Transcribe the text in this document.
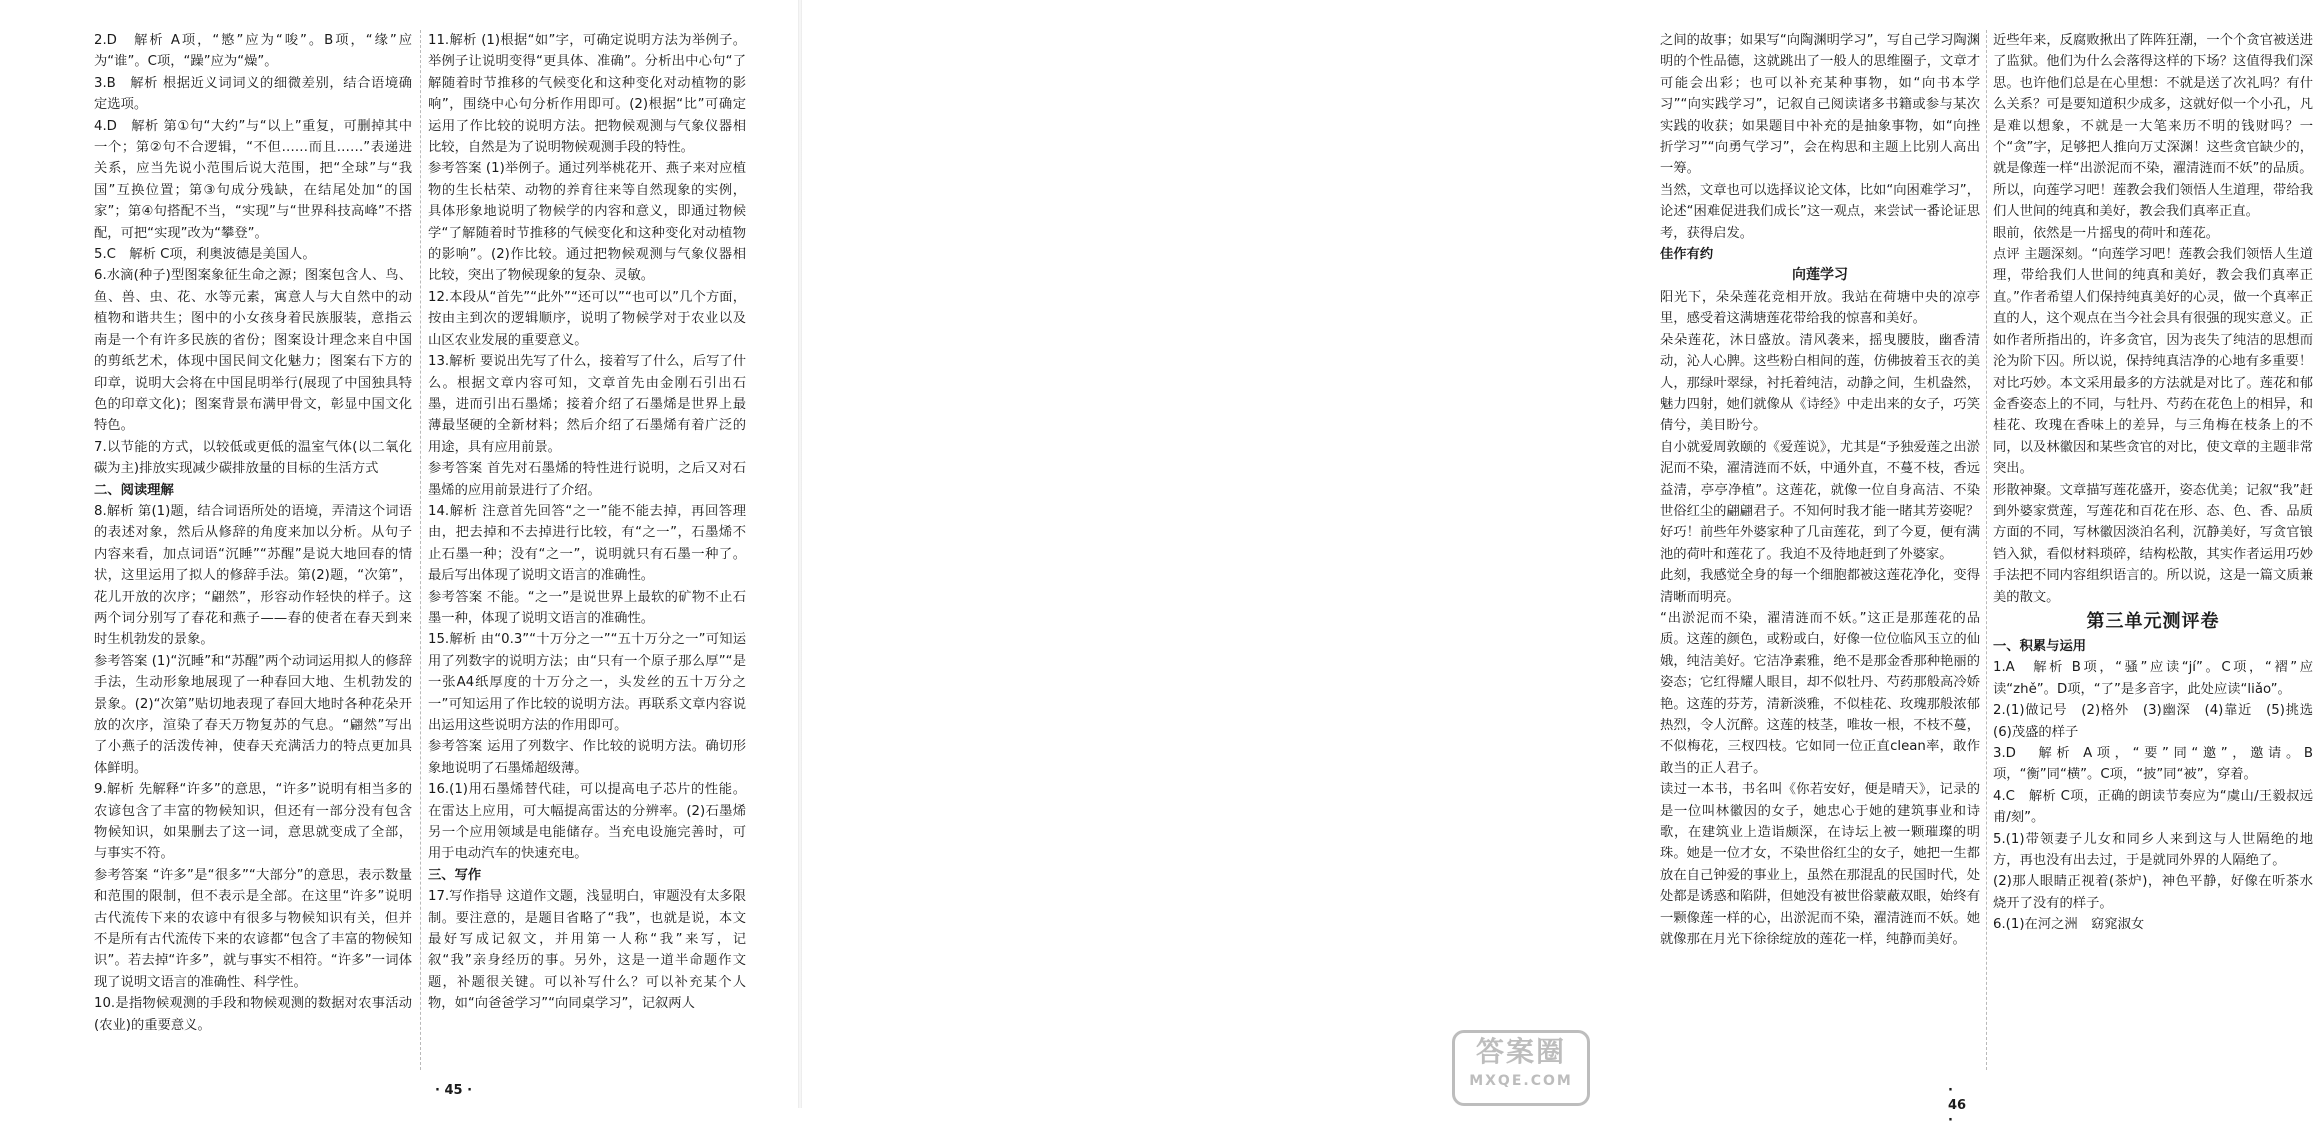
2.D　解析 A项，“慜”应为“唆”。B项，“缘”应为“谁”。C项，“躁”应为“燥”。

3.B　解析 根据近义词词义的细微差别，结合语境确定选项。

4.D　解析 第①句“大约”与“以上”重复，可删掉其中一个；第②句不合逻辑，“不但……而且……”表递进关系，应当先说小范围后说大范围，把“全球”与“我国”互换位置；第③句成分残缺，在结尾处加“的国家”；第④句搭配不当，“实现”与“世界科技高峰”不搭配，可把“实现”改为“攀登”。

5.C　解析 C项，利奥波德是美国人。

6.水滴(种子)型图案象征生命之源；图案包含人、鸟、鱼、兽、虫、花、水等元素，寓意人与大自然中的动植物和谐共生；图中的小女孩身着民族服装，意指云南是一个有许多民族的省份；图案设计理念来自中国的剪纸艺术，体现中国民间文化魅力；图案右下方的印章，说明大会将在中国昆明举行(展现了中国独具特色的印章文化)；图案背景布满甲骨文，彰显中国文化特色。

7.以节能的方式，以较低或更低的温室气体(以二氧化碳为主)排放实现减少碳排放量的目标的生活方式

二、阅读理解

8.解析 第(1)题，结合词语所处的语境，弄清这个词语的表述对象，然后从修辞的角度来加以分析。从句子内容来看，加点词语“沉睡”“苏醒”是说大地回春的情状，这里运用了拟人的修辞手法。第(2)题，“次第”，花儿开放的次序；“翩然”，形容动作轻快的样子。这两个词分别写了春花和燕子——春的使者在春天到来时生机勃发的景象。

参考答案 (1)“沉睡”和“苏醒”两个动词运用拟人的修辞手法，生动形象地展现了一种春回大地、生机勃发的景象。(2)“次第”贴切地表现了春回大地时各种花朵开放的次序，渲染了春天万物复苏的气息。“翩然”写出了小燕子的活泼传神，使春天充满活力的特点更加具体鲜明。

9.解析 先解释“许多”的意思，“许多”说明有相当多的农谚包含了丰富的物候知识，但还有一部分没有包含物候知识，如果删去了这一词，意思就变成了全部，与事实不符。

参考答案 “许多”是“很多”“大部分”的意思，表示数量和范围的限制，但不表示是全部。在这里“许多”说明古代流传下来的农谚中有很多与物候知识有关，但并不是所有古代流传下来的农谚都“包含了丰富的物候知识”。若去掉“许多”，就与事实不相符。“许多”一词体现了说明文语言的准确性、科学性。

10.是指物候观测的手段和物候观测的数据对农事活动(农业)的重要意义。

11.解析 (1)根据“如”字，可确定说明方法为举例子。举例子让说明变得“更具体、准确”。分析出中心句“了解随着时节推移的气候变化和这种变化对动植物的影响”，围绕中心句分析作用即可。(2)根据“比”可确定运用了作比较的说明方法。把物候观测与气象仪器相比较，自然是为了说明物候观测手段的特性。

参考答案 (1)举例子。通过列举桃花开、燕子来对应植物的生长枯荣、动物的养育往来等自然现象的实例，具体形象地说明了物候学的内容和意义，即通过物候学“了解随着时节推移的气候变化和这种变化对动植物的影响”。(2)作比较。通过把物候观测与气象仪器相比较，突出了物候现象的复杂、灵敏。

12.本段从“首先”“此外”“还可以”“也可以”几个方面，按由主到次的逻辑顺序，说明了物候学对于农业以及山区农业发展的重要意义。

13.解析 要说出先写了什么，接着写了什么，后写了什么。根据文章内容可知，文章首先由金刚石引出石墨，进而引出石墨烯；接着介绍了石墨烯是世界上最薄最坚硬的全新材料；然后介绍了石墨烯有着广泛的用途，具有应用前景。

参考答案 首先对石墨烯的特性进行说明，之后又对石墨烯的应用前景进行了介绍。

14.解析 注意首先回答“之一”能不能去掉，再回答理由，把去掉和不去掉进行比较，有“之一”，石墨烯不止石墨一种；没有“之一”，说明就只有石墨一种了。最后写出体现了说明文语言的准确性。

参考答案 不能。“之一”是说世界上最软的矿物不止石墨一种，体现了说明文语言的准确性。

15.解析 由“0.3”“十万分之一”“五十万分之一”可知运用了列数字的说明方法；由“只有一个原子那么厚”“是一张A4纸厚度的十万分之一，头发丝的五十万分之一”可知运用了作比较的说明方法。再联系文章内容说出运用这些说明方法的作用即可。

参考答案 运用了列数字、作比较的说明方法。确切形象地说明了石墨烯超级薄。

16.(1)用石墨烯替代硅，可以提高电子芯片的性能。在雷达上应用，可大幅提高雷达的分辨率。(2)石墨烯另一个应用领域是电能储存。当充电设施完善时，可用于电动汽车的快速充电。

三、写作

17.写作指导 这道作文题，浅显明白，审题没有太多限制。要注意的，是题目省略了“我”，也就是说，本文最好写成记叙文，并用第一人称“我”来写，记叙“我”亲身经历的事。另外，这是一道半命题作文题，补题很关键。可以补写什么？可以补充某个人物，如“向爸爸学习”“向同桌学习”，记叙两人

· 45 ·

之间的故事；如果写“向陶渊明学习”，写自己学习陶渊明的个性品德，这就跳出了一般人的思维圈子，文章才可能会出彩；也可以补充某种事物，如“向书本学习”“向实践学习”，记叙自己阅读诸多书籍或参与某次实践的收获；如果题目中补充的是抽象事物，如“向挫折学习”“向勇气学习”，会在构思和主题上比别人高出一筹。

当然，文章也可以选择议论文体，比如“向困难学习”，论述“困难促进我们成长”这一观点，来尝试一番论证思考，获得启发。

佳作有约

向莲学习

阳光下，朵朵莲花竞相开放。我站在荷塘中央的凉亭里，感受着这满塘莲花带给我的惊喜和美好。

朵朵莲花，沐日盛放。清风袭来，摇曳腰肢，幽香清动，沁人心脾。这些粉白相间的莲，仿佛披着玉衣的美人，那绿叶翠绿，衬托着纯洁，动静之间，生机盎然，魅力四射，她们就像从《诗经》中走出来的女子，巧笑倩兮，美目盼兮。

自小就爱周敦颐的《爱莲说》，尤其是“予独爱莲之出淤泥而不染，濯清涟而不妖，中通外直，不蔓不枝，香远益清，亭亭净植”。这莲花，就像一位自身高洁、不染世俗红尘的翩翩君子。不知何时我才能一睹其芳姿呢？

好巧！前些年外婆家种了几亩莲花，到了今夏，便有满池的荷叶和莲花了。我迫不及待地赶到了外婆家。

此刻，我感觉全身的每一个细胞都被这莲花净化，变得清晰而明亮。

“出淤泥而不染，濯清涟而不妖。”这正是那莲花的品质。这莲的颜色，或粉或白，好像一位位临风玉立的仙娥，纯洁美好。它洁净素雅，绝不是那金香那种艳丽的姿态；它红得耀人眼目，却不似牡丹、芍药那般高冷娇艳。这莲的芬芳，清新淡雅，不似桂花、玫瑰那般浓郁热烈，令人沉醉。这莲的枝茎，唯妆一根，不枝不蔓，不似梅花，三杈四枝。它如同一位正直clean率，敢作敢当的正人君子。

读过一本书，书名叫《你若安好，便是晴天》，记录的是一位叫林徽因的女子，她忠心于她的建筑事业和诗歌，在建筑业上造诣颇深，在诗坛上被一颗璀璨的明珠。她是一位才女，不染世俗红尘的女子，她把一生都放在自己钟爱的事业上，虽然在那混乱的民国时代，处处都是诱惑和陷阱，但她没有被世俗蒙蔽双眼，始终有一颗像莲一样的心，出淤泥而不染，濯清涟而不妖。她就像那在月光下徐徐绽放的莲花一样，纯静而美好。

近些年来，反腐败揪出了阵阵狂潮，一个个贪官被送进了监狱。他们为什么会落得这样的下场？这值得我们深思。也许他们总是在心里想：不就是送了次礼吗？有什么关系？可是要知道积少成多，这就好似一个小孔，凡是难以想象，不就是一大笔来历不明的钱财吗？一个“贪”字，足够把人推向万丈深渊！这些贪官缺少的，就是像莲一样“出淤泥而不染，濯清涟而不妖”的品质。

所以，向莲学习吧！莲教会我们领悟人生道理，带给我们人世间的纯真和美好，教会我们真率正直。

眼前，依然是一片摇曳的荷叶和莲花。

点评 主题深刻。“向莲学习吧！莲教会我们领悟人生道理，带给我们人世间的纯真和美好，教会我们真率正直。”作者希望人们保持纯真美好的心灵，做一个真率正直的人，这个观点在当今社会具有很强的现实意义。正如作者所指出的，许多贪官，因为丧失了纯洁的思想而沦为阶下囚。所以说，保持纯真洁净的心地有多重要！

对比巧妙。本文采用最多的方法就是对比了。莲花和郁金香姿态上的不同，与牡丹、芍药在花色上的相异，和桂花、玫瑰在香味上的差异，与三角梅在枝条上的不同，以及林徽因和某些贪官的对比，使文章的主题非常突出。

形散神聚。文章描写莲花盛开，姿态优美；记叙“我”赶到外婆家赏莲，写莲花和百花在形、态、色、香、品质方面的不同，写林徽因淡泊名利，沉静美好，写贪官锒铛入狱，看似材料琐碎，结构松散，其实作者运用巧妙手法把不同内容组织语言的。所以说，这是一篇文质兼美的散文。

第三单元测评卷

一、积累与运用

1.A　解析 B项，“骚”应读“jí”。C项，“褶”应读“zhě”。D项，“了”是多音字，此处应读“liǎo”。

2.(1)做记号　(2)格外　(3)幽深　(4)靠近　(5)挑选　(6)茂盛的样子

3.D　解析 A项，“要”同“邀”，邀请。B项，“衡”同“横”。C项，“披”同“被”，穿着。

4.C　解析 C项，正确的朗读节奏应为“虞山/王毅叔远甫/刻”。

5.(1)带领妻子儿女和同乡人来到这与人世隔绝的地方，再也没有出去过，于是就同外界的人隔绝了。

(2)那人眼睛正视着(茶炉)，神色平静，好像在听茶水烧开了没有的样子。

6.(1)在河之洲　窈窕淑女

· 46 ·
答案圈
MXQE.COM
